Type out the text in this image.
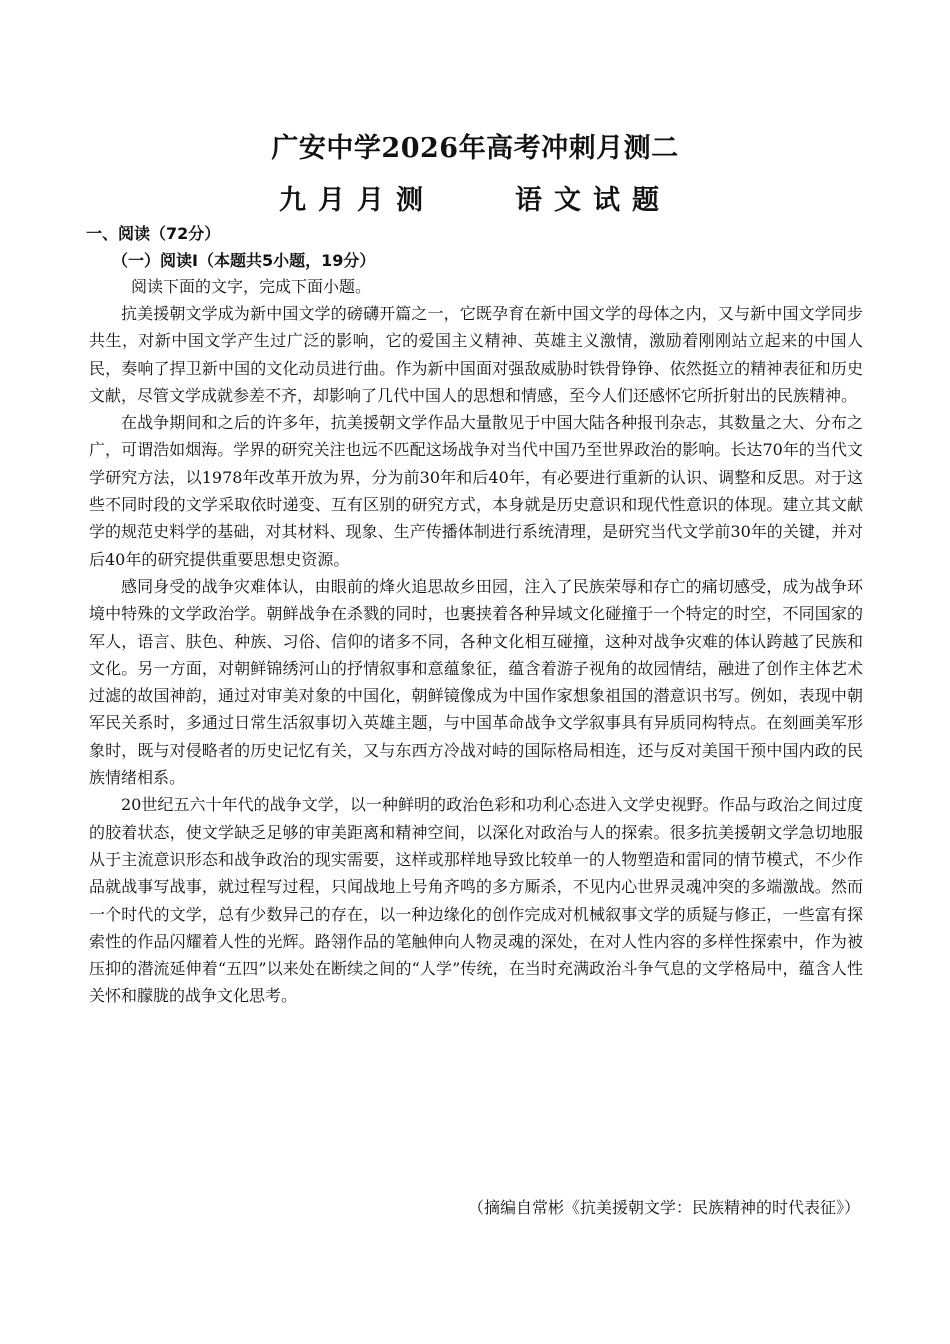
广安中学2026年高考冲刺月测二
九月月测	语文试题
一、阅读（72分）
（一）阅读I（本题共5小题，19分）
阅读下面的文字，完成下面小题。

抗美援朝文学成为新中国文学的磅礴开篇之一，它既孕育在新中国文学的母体之内，又与新中国文学同步共生，对新中国文学产生过广泛的影响，它的爱国主义精神、英雄主义激情，激励着刚刚站立起来的中国人民，奏响了捍卫新中国的文化动员进行曲。作为新中国面对强敌威胁时铁骨铮铮、依然挺立的精神表征和历史文献，尽管文学成就参差不齐，却影响了几代中国人的思想和情感，至今人们还感怀它所折射出的民族精神。

在战争期间和之后的许多年，抗美援朝文学作品大量散见于中国大陆各种报刊杂志，其数量之大、分布之广，可谓浩如烟海。学界的研究关注也远不匹配这场战争对当代中国乃至世界政治的影响。长达70年的当代文学研究方法，以1978年改革开放为界，分为前30年和后40年，有必要进行重新的认识、调整和反思。对于这些不同时段的文学采取依时递变、互有区别的研究方式，本身就是历史意识和现代性意识的体现。建立其文献学的规范史料学的基础，对其材料、现象、生产传播体制进行系统清理，是研究当代文学前30年的关键，并对后40年的研究提供重要思想史资源。

感同身受的战争灾难体认，由眼前的烽火追思故乡田园，注入了民族荣辱和存亡的痛切感受，成为战争环境中特殊的文学政治学。朝鲜战争在杀戮的同时，也裹挟着各种异域文化碰撞于一个特定的时空，不同国家的军人，语言、肤色、种族、习俗、信仰的诸多不同，各种文化相互碰撞，这种对战争灾难的体认跨越了民族和文化。另一方面，对朝鲜锦绣河山的抒情叙事和意蕴象征，蕴含着游子视角的故园情结，融进了创作主体艺术过滤的故国神韵，通过对审美对象的中国化，朝鲜镜像成为中国作家想象祖国的潜意识书写。例如，表现中朝军民关系时，多通过日常生活叙事切入英雄主题，与中国革命战争文学叙事具有异质同构特点。在刻画美军形象时，既与对侵略者的历史记忆有关，又与东西方冷战对峙的国际格局相连，还与反对美国干预中国内政的民族情绪相系。

20世纪五六十年代的战争文学，以一种鲜明的政治色彩和功利心态进入文学史视野。作品与政治之间过度的胶着状态，使文学缺乏足够的审美距离和精神空间，以深化对政治与人的探索。很多抗美援朝文学急切地服从于主流意识形态和战争政治的现实需要，这样或那样地导致比较单一的人物塑造和雷同的情节模式，不少作品就战事写战事，就过程写过程，只闻战地上号角齐鸣的多方厮杀，不见内心世界灵魂冲突的多端激战。然而一个时代的文学，总有少数异己的存在，以一种边缘化的创作完成对机械叙事文学的质疑与修正，一些富有探索性的作品闪耀着人性的光辉。路翎作品的笔触伸向人物灵魂的深处，在对人性内容的多样性探索中，作为被压抑的潜流延伸着“五四”以来处在断续之间的“人学”传统，在当时充满政治斗争气息的文学格局中，蕴含人性关怀和朦胧的战争文化思考。

（摘编自常彬《抗美援朝文学：民族精神的时代表征》）
